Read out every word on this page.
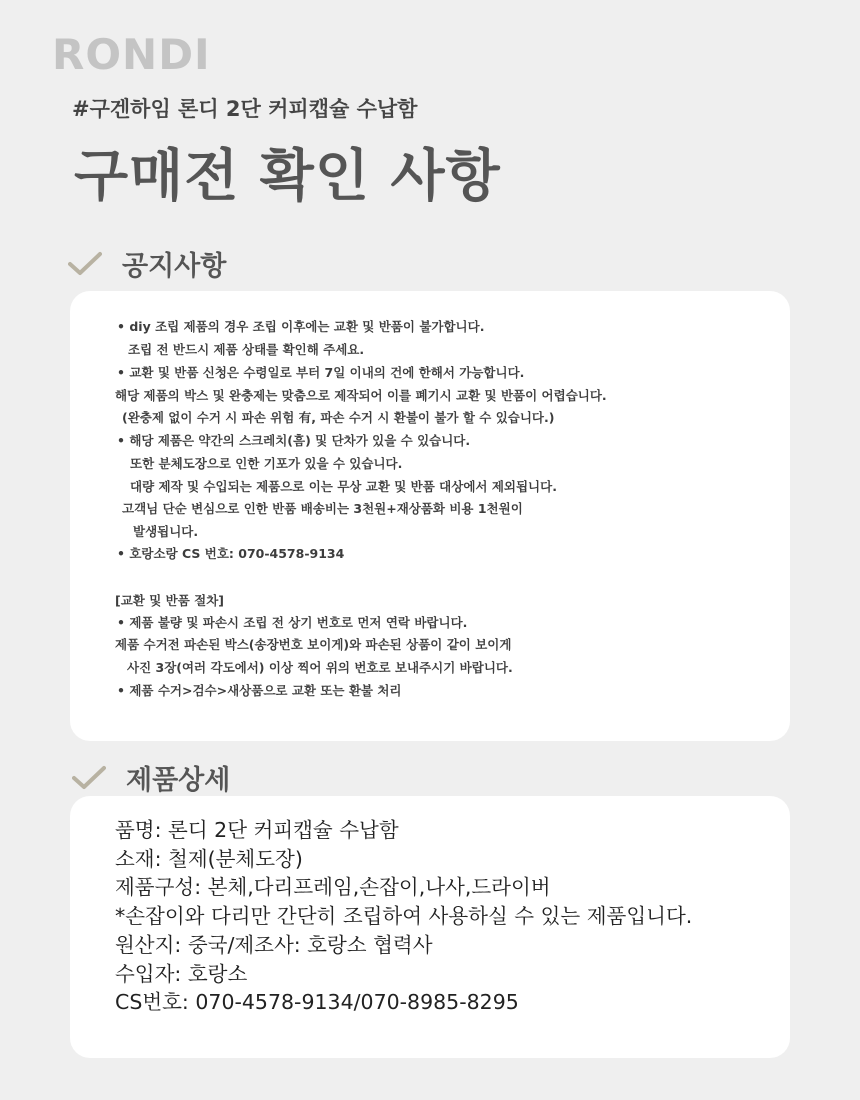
RONDI
#구겐하임 론디 2단 커피캡슐 수납함
구매전 확인 사항
공지사항
• diy 조립 제품의 경우 조립 이후에는 교환 및 반품이 불가합니다.
조립 전 반드시 제품 상태를 확인해 주세요.
• 교환 및 반품 신청은 수령일로 부터 7일 이내의 건에 한해서 가능합니다.
해당 제품의 박스 및 완충제는 맞춤으로 제작되어 이를 폐기시 교환 및 반품이 어렵습니다.
(완충제 없이 수거 시 파손 위험 有, 파손 수거 시 환불이 불가 할 수 있습니다.)
• 해당 제품은 약간의 스크레치(흠) 및 단차가 있을 수 있습니다.
또한 분체도장으로 인한 기포가 있을 수 있습니다.
대량 제작 및 수입되는 제품으로 이는 무상 교환 및 반품 대상에서 제외됩니다.
고객님 단순 변심으로 인한 반품 배송비는 3천원+재상품화 비용 1천원이
발생됩니다.
• 호랑소랑 CS 번호: 070-4578-9134
[교환 및 반품 절차]
• 제품 불량 및 파손시 조립 전 상기 번호로 먼저 연락 바랍니다.
제품 수거전 파손된 박스(송장번호 보이게)와 파손된 상품이 같이 보이게
사진 3장(여러 각도에서) 이상 찍어 위의 번호로 보내주시기 바랍니다.
• 제품 수거>검수>새상품으로 교환 또는 환불 처리
제품상세
품명: 론디 2단 커피캡슐 수납함
소재: 철제(분체도장)
제품구성: 본체,다리프레임,손잡이,나사,드라이버
*손잡이와 다리만 간단히 조립하여 사용하실 수 있는 제품입니다.
원산지: 중국/제조사: 호랑소 협력사
수입자: 호랑소
CS번호: 070-4578-9134/070-8985-8295
